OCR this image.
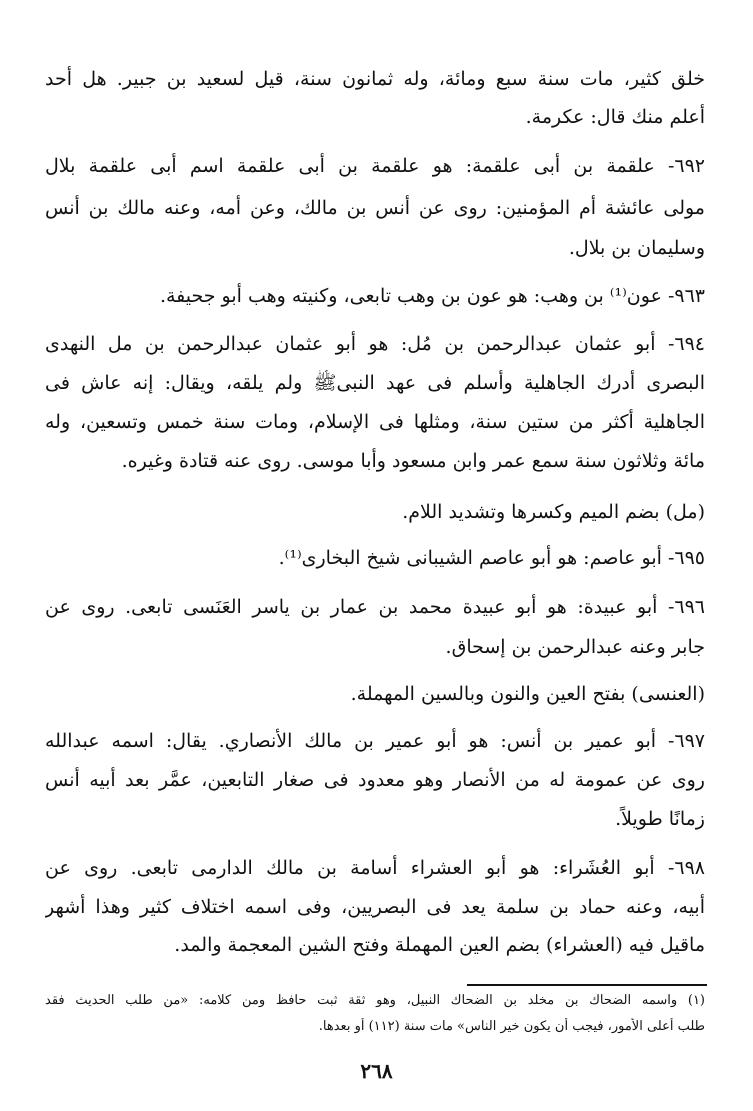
خلق كثير، مات سنة سبع ومائة، وله ثمانون سنة، قيل لسعيد بن جبير. هل أحد
أعلم منك قال: عكرمة.
٦٩٢- علقمة بن أبى علقمة: هو علقمة بن أبى علقمة اسم أبى علقمة بلال
مولى عائشة أم المؤمنين: روى عن أنس بن مالك، وعن أمه، وعنه مالك بن أنس
وسليمان بن بلال.
٩٦٣- عون⁽¹⁾ بن وهب: هو عون بن وهب تابعى، وكنيته وهب أبو جحيفة.
٦٩٤- أبو عثمان عبدالرحمن بن مُل: هو أبو عثمان عبدالرحمن بن مل النهدى
البصرى أدرك الجاهلية وأسلم فى عهد النبىﷺ ولم يلقه، ويقال: إنه عاش فى
الجاهلية أكثر من ستين سنة، ومثلها فى الإسلام، ومات سنة خمس وتسعين، وله
مائة وثلاثون سنة سمع عمر وابن مسعود وأبا موسى. روى عنه قتادة وغيره.
(مل) بضم الميم وكسرها وتشديد اللام.
٦٩٥- أبو عاصم: هو أبو عاصم الشيبانى شيخ البخارى⁽¹⁾.
٦٩٦- أبو عبيدة: هو أبو عبيدة محمد بن عمار بن ياسر العَنَسى تابعى. روى عن
جابر وعنه عبدالرحمن بن إسحاق.
(العنسى) بفتح العين والنون وبالسين المهملة.
٦٩٧- أبو عمير بن أنس: هو أبو عمير بن مالك الأنصاري. يقال: اسمه عبدالله
روى عن عمومة له من الأنصار وهو معدود فى صغار التابعين، عمَّر بعد أبيه أنس
زمانًا طويلاً.
٦٩٨- أبو العُشَراء: هو أبو العشراء أسامة بن مالك الدارمى تابعى. روى عن
أبيه، وعنه حماد بن سلمة يعد فى البصريين، وفى اسمه اختلاف كثير وهذا أشهر
ماقيل فيه (العشراء) بضم العين المهملة وفتح الشين المعجمة والمد.
(١) واسمه الضحاك بن مخلد بن الضحاك النبيل، وهو ثقة ثبت حافظ ومن كلامه: «من طلب الحديث فقد
طلب أعلى الأمور، فيجب أن يكون خير الناس» مات سنة (١١٢) أو بعدها.
٢٦٨
